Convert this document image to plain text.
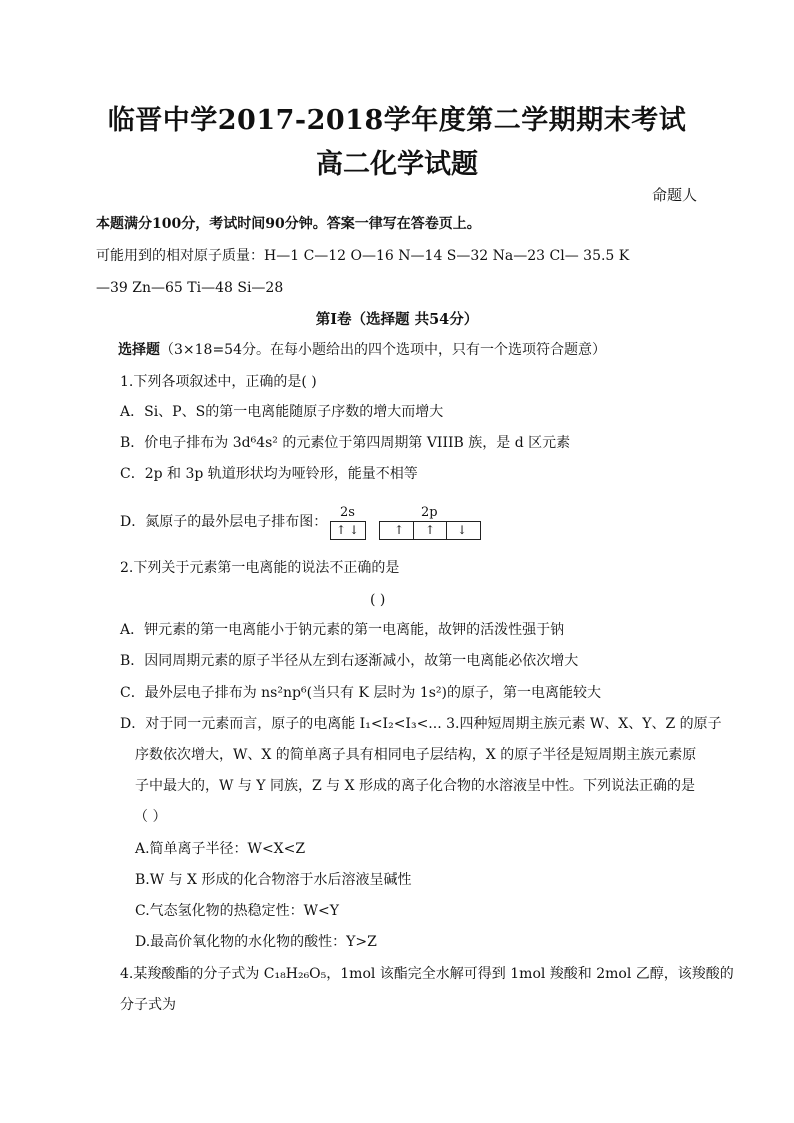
临晋中学2017-2018学年度第二学期期末考试
高二化学试题
命题人
本题满分100分，考试时间90分钟。答案一律写在答卷页上。
可能用到的相对原子质量：H—1 C—12 O—16 N—14 S—32 Na—23 Cl— 35.5 K
—39 Zn—65 Ti—48 Si—28
第Ⅰ卷（选择题 共54分）
选择题（3×18=54分。在每小题给出的四个选项中，只有一个选项符合题意）
1.下列各项叙述中，正确的是( )
A．Si、P、S的第一电离能随原子序数的增大而增大
B．价电子排布为 3d⁶4s² 的元素位于第四周期第 VIIIB 族，是 d 区元素
C．2p 和 3p 轨道形状均为哑铃形，能量不相等
D．氮原子的最外层电子排布图：
2s
↑ ↓
2p
↑ ↑ ↓
2.下列关于元素第一电离能的说法不正确的是
( )
A．钾元素的第一电离能小于钠元素的第一电离能，故钾的活泼性强于钠
B．因同周期元素的原子半径从左到右逐渐减小，故第一电离能必依次增大
C．最外层电子排布为 ns²np⁶(当只有 K 层时为 1s²)的原子，第一电离能较大
D．对于同一元素而言，原子的电离能 I₁<I₂<I₃<... 3.四种短周期主族元素 W、X、Y、Z 的原子
序数依次增大，W、X 的简单离子具有相同电子层结构，X 的原子半径是短周期主族元素原
子中最大的，W 与 Y 同族，Z 与 X 形成的离子化合物的水溶液呈中性。下列说法正确的是
（ ）
A.简单离子半径：W<X<Z
B.W 与 X 形成的化合物溶于水后溶液呈碱性
C.气态氢化物的热稳定性：W<Y
D.最高价氧化物的水化物的酸性：Y>Z
4.某羧酸酯的分子式为 C₁₈H₂₆O₅，1mol 该酯完全水解可得到 1mol 羧酸和 2mol 乙醇，该羧酸的
分子式为
